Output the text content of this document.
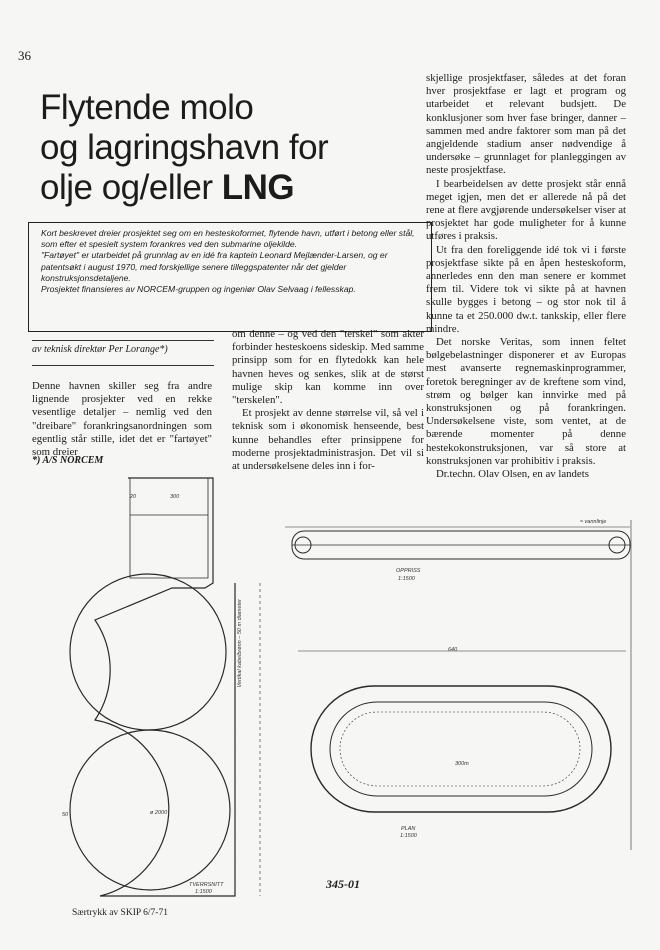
36
Flytende molo
og lagringshavn for
olje og/eller LNG

Kort beskrevet dreier prosjektet seg om en hesteskoformet, flytende havn, utført i betong eller stål, som efter et spesielt system forankres ved den submarine oljekilde.

"Fartøyet" er utarbeidet på grunnlag av en idé fra kaptein Leonard Mejlænder-Larsen, og er patentsøkt i august 1970, med forskjellige senere tilleggspatenter når det gjelder konstruksjonsdetaljene.

Prosjektet finansieres av NORCEM-gruppen og ingeniør Olav Selvaag i fellesskap.

av teknisk direktør Per Lorange*)

Denne havnen skiller seg fra andre lignende prosjekter ved en rekke vesentlige detaljer – nemlig ved den "dreibare" forankringsanordningen som egentlig står stille, idet det er "fartøyet" som dreier

*) A/S NORCEM

om denne – og ved den "terskel" som akter forbinder hesteskoens sideskip. Med samme prinsipp som for en flytedokk kan hele havnen heves og senkes, slik at de størst mulige skip kan komme inn over "terskelen".

Et prosjekt av denne størrelse vil, så vel i teknisk som i økonomisk henseende, best kunne behandles efter prinsippene for moderne prosjektadministrasjon. Det vil si at undersøkelsene deles inn i for-

skjellige prosjektfaser, således at det foran hver prosjektfase er lagt et program og utarbeidet et relevant budsjett. De konklusjoner som hver fase bringer, danner – sammen med andre faktorer som man på det angjeldende stadium anser nødvendige å undersøke – grunnlaget for planleggingen av neste prosjektfase.

I bearbeidelsen av dette prosjekt står ennå meget igjen, men det er allerede nå på det rene at flere avgjørende undersøkelser viser at prosjektet har gode muligheter for å kunne utføres i praksis.

Ut fra den foreliggende idé tok vi i første prosjektfase sikte på en åpen hesteskoform, annerledes enn den man senere er kommet frem til. Videre tok vi sikte på at havnen skulle bygges i betong – og stor nok til å kunne ta et 250.000 dw.t. tankskip, eller flere mindre.

Det norske Veritas, som innen feltet bølgebelastninger disponerer et av Europas mest avanserte regnemaskinprogrammer, foretok beregninger av de kreftene som vind, strøm og bølger kan innvirke med på konstruksjonen og på forankringen. Undersøkelsene viste, som ventet, at de bærende momenter på denne hestekokonstruksjonen, var så store at konstruksjonen var prohibitiv i praksis.

Dr.techn. Olav Olsen, en av landets

TVERRSNITT
1:1500
OPPRISS
1:1500
PLAN
1:1500
300
20
50	ø 2000
Vertikal kabelbrønn – 50 m diameter
300m
640
≈ vannlinje
345-01
Særtrykk av SKIP 6/7-71
